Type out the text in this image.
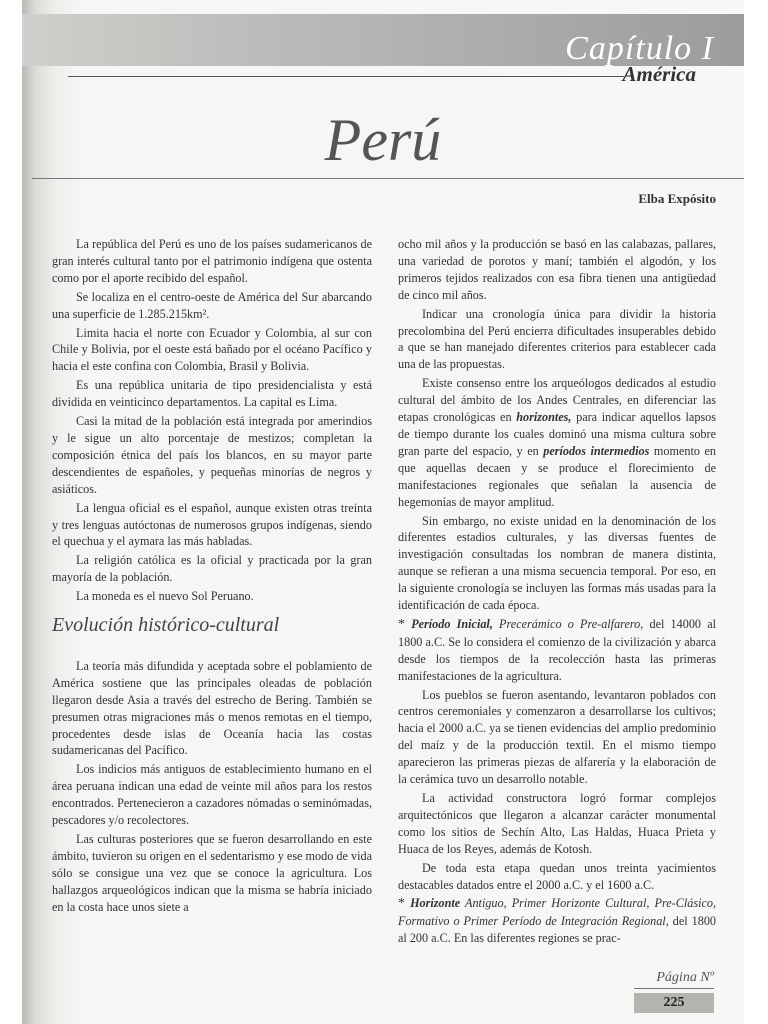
Capítulo I
América
Perú
Elba Expósito

La república del Perú es uno de los países sudamericanos de gran interés cultural tanto por el patrimonio indígena que ostenta como por el aporte recibido del español.

Se localiza en el centro-oeste de América del Sur abarcando una superficie de 1.285.215km².

Limita hacia el norte con Ecuador y Colombia, al sur con Chile y Bolivia, por el oeste está bañado por el océano Pacífico y hacia el este confina con Colombia, Brasil y Bolivia.

Es una república unitaria de tipo presidencialista y está dividida en veinticinco departamentos. La capital es Lima.

Casi la mitad de la población está integrada por amerindios y le sigue un alto porcentaje de mestizos; completan la composición étnica del país los blancos, en su mayor parte descendientes de españoles, y pequeñas minorías de negros y asiáticos.

La lengua oficial es el español, aunque existen otras treinta y tres lenguas autóctonas de numerosos grupos indígenas, siendo el quechua y el aymara las más habladas.

La religión católica es la oficial y practicada por la gran mayoría de la población.

La moneda es el nuevo Sol Peruano.

Evolución histórico-cultural

La teoría más difundida y aceptada sobre el poblamiento de América sostiene que las principales oleadas de población llegaron desde Asia a través del estrecho de Bering. También se presumen otras migraciones más o menos remotas en el tiempo, procedentes desde islas de Oceanía hacia las costas sudamericanas del Pacífico.

Los indicios más antiguos de establecimiento humano en el área peruana indican una edad de veinte mil años para los restos encontrados. Pertenecieron a cazadores nómadas o seminómadas, pescadores y/o recolectores.

Las culturas posteriores que se fueron desarrollando en este ámbito, tuvieron su origen en el sedentarismo y ese modo de vida sólo se consigue una vez que se conoce la agricultura. Los hallazgos arqueológicos indican que la misma se habría iniciado en la costa hace unos siete a

ocho mil años y la producción se basó en las calabazas, pallares, una variedad de porotos y maní; también el algodón, y los primeros tejidos realizados con esa fibra tienen una antigüedad de cinco mil años.

Indicar una cronología única para dividir la historia precolombina del Perú encierra dificultades insuperables debido a que se han manejado diferentes criterios para establecer cada una de las propuestas.

Existe consenso entre los arqueólogos dedicados al estudio cultural del ámbito de los Andes Centrales, en diferenciar las etapas cronológicas en horizontes, para indicar aquellos lapsos de tiempo durante los cuales dominó una misma cultura sobre gran parte del espacio, y en períodos intermedios momento en que aquellas decaen y se produce el florecimiento de manifestaciones regionales que señalan la ausencia de hegemonías de mayor amplitud.

Sin embargo, no existe unidad en la denominación de los diferentes estadios culturales, y las diversas fuentes de investigación consultadas los nombran de manera distinta, aunque se refieran a una misma secuencia temporal. Por eso, en la siguiente cronología se incluyen las formas más usadas para la identificación de cada época.

* Período Inicial, Precerámico o Pre-alfarero, del 14000 al 1800 a.C. Se lo considera el comienzo de la civilización y abarca desde los tiempos de la recolección hasta las primeras manifestaciones de la agricultura.

Los pueblos se fueron asentando, levantaron poblados con centros ceremoniales y comenzaron a desarrollarse los cultivos; hacia el 2000 a.C. ya se tienen evidencias del amplio predominio del maíz y de la producción textil. En el mismo tiempo aparecieron las primeras piezas de alfarería y la elaboración de la cerámica tuvo un desarrollo notable.

La actividad constructora logró formar complejos arquitectónicos que llegaron a alcanzar carácter monumental como los sitios de Sechín Alto, Las Haldas, Huaca Prieta y Huaca de los Reyes, además de Kotosh.

De toda esta etapa quedan unos treinta yacimientos destacables datados entre el 2000 a.C. y el 1600 a.C.

* Horizonte Antiguo, Primer Horizonte Cultural, Pre-Clásico, Formativo o Primer Período de Integración Regional, del 1800 al 200 a.C. En las diferentes regiones se prac-

Página Nº
225
